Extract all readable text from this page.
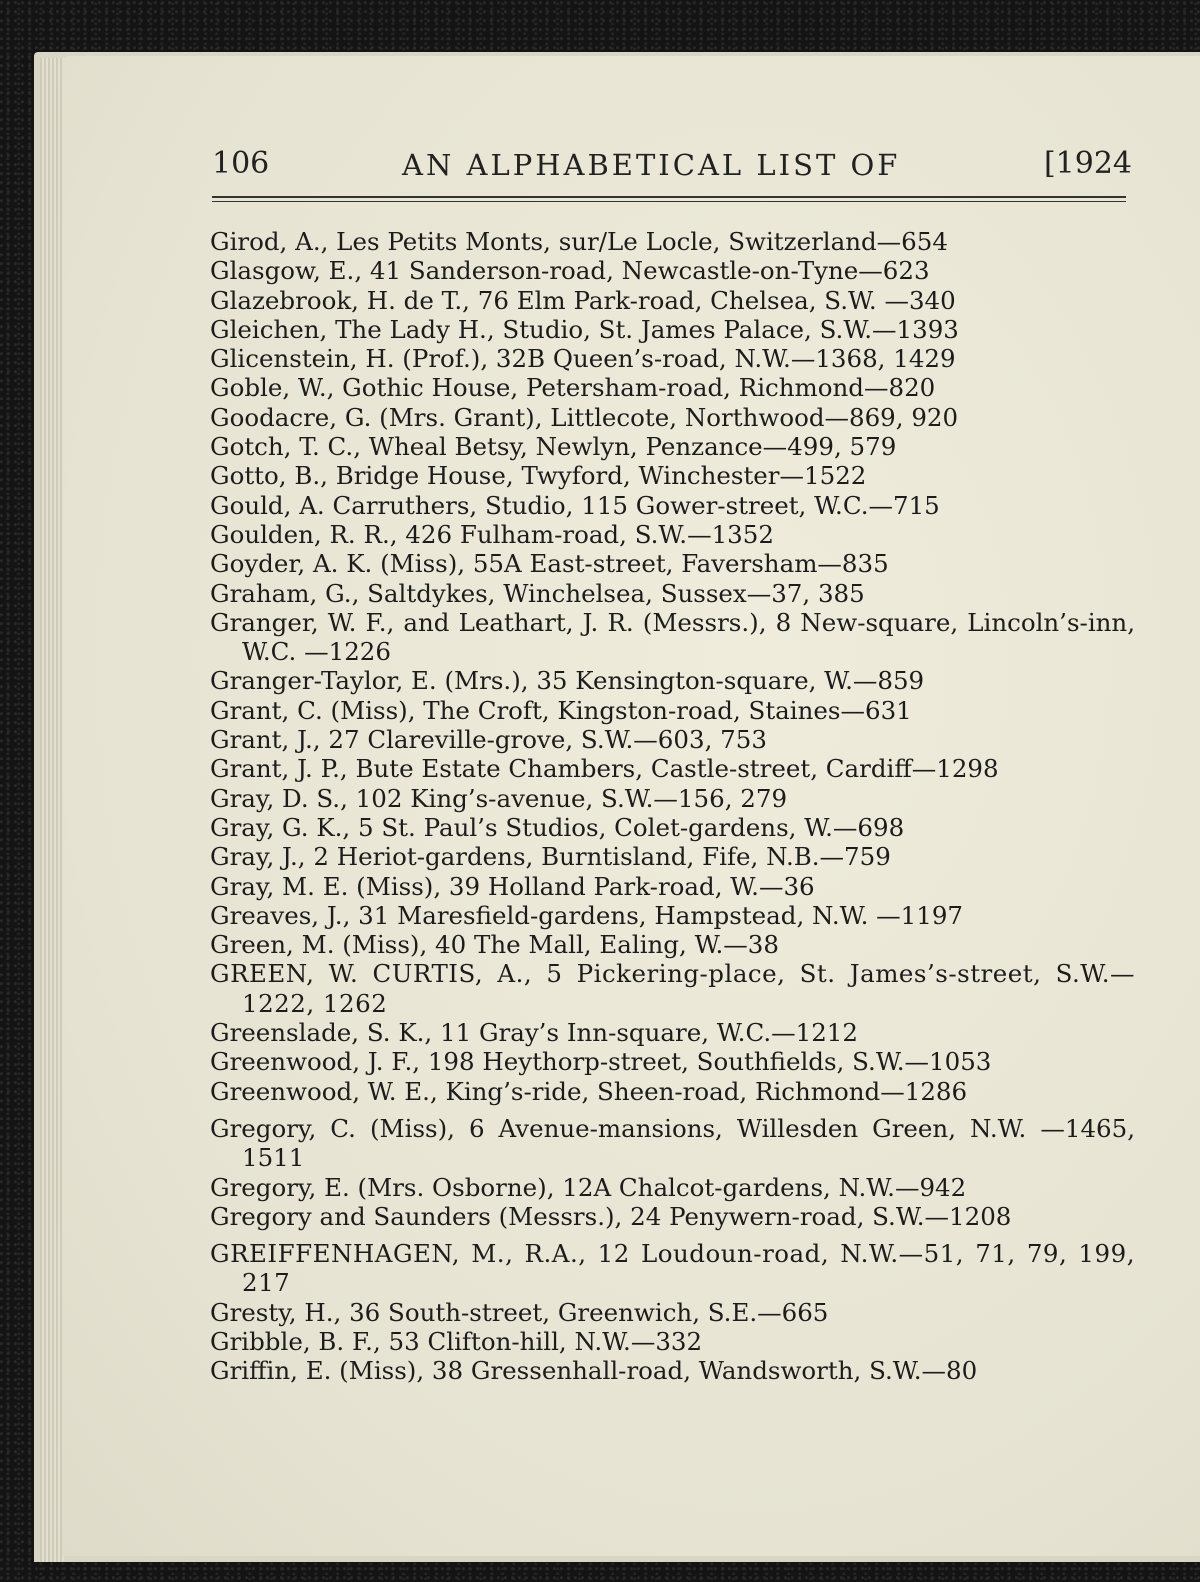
106	AN ALPHABETICAL LIST OF	[1924
Girod, A., Les Petits Monts, sur/Le Locle, Switzerland—654
Glasgow, E., 41 Sanderson-road, Newcastle-on-Tyne—623
Glazebrook, H. de T., 76 Elm Park-road, Chelsea, S.W. —340
Gleichen, The Lady H., Studio, St. James Palace, S.W.—1393
Glicenstein, H. (Prof.), 32B Queen’s-road, N.W.—1368, 1429
Goble, W., Gothic House, Petersham-road, Richmond—820
Goodacre, G. (Mrs. Grant), Littlecote, Northwood—869, 920
Gotch, T. C., Wheal Betsy, Newlyn, Penzance—499, 579
Gotto, B., Bridge House, Twyford, Winchester—1522
Gould, A. Carruthers, Studio, 115 Gower-street, W.C.—715
Goulden, R. R., 426 Fulham-road, S.W.—1352
Goyder, A. K. (Miss), 55A East-street, Faversham—835
Graham, G., Saltdykes, Winchelsea, Sussex—37, 385
Granger, W. F., and Leathart, J. R. (Messrs.), 8 New-square, Lincoln’s-inn, W.C. —1226
Granger-Taylor, E. (Mrs.), 35 Kensington-square, W.—859
Grant, C. (Miss), The Croft, Kingston-road, Staines—631
Grant, J., 27 Clareville-grove, S.W.—603, 753
Grant, J. P., Bute Estate Chambers, Castle-street, Cardiff—1298
Gray, D. S., 102 King’s-avenue, S.W.—156, 279
Gray, G. K., 5 St. Paul’s Studios, Colet-gardens, W.—698
Gray, J., 2 Heriot-gardens, Burntisland, Fife, N.B.—759
Gray, M. E. (Miss), 39 Holland Park-road, W.—36
Greaves, J., 31 Maresfield-gardens, Hampstead, N.W. —1197
Green, M. (Miss), 40 The Mall, Ealing, W.—38
GREEN, W. CURTIS, A., 5 Pickering-place, St. James’s-street, S.W.—1222, 1262
Greenslade, S. K., 11 Gray’s Inn-square, W.C.—1212
Greenwood, J. F., 198 Heythorp-street, Southfields, S.W.—1053
Greenwood, W. E., King’s-ride, Sheen-road, Richmond—1286
Gregory, C. (Miss), 6 Avenue-mansions, Willesden Green, N.W. —1465, 1511
Gregory, E. (Mrs. Osborne), 12A Chalcot-gardens, N.W.—942
Gregory and Saunders (Messrs.), 24 Penywern-road, S.W.—1208
GREIFFENHAGEN, M., R.A., 12 Loudoun-road, N.W.—51, 71, 79, 199, 217
Gresty, H., 36 South-street, Greenwich, S.E.—665
Gribble, B. F., 53 Clifton-hill, N.W.—332
Griffin, E. (Miss), 38 Gressenhall-road, Wandsworth, S.W.—80
